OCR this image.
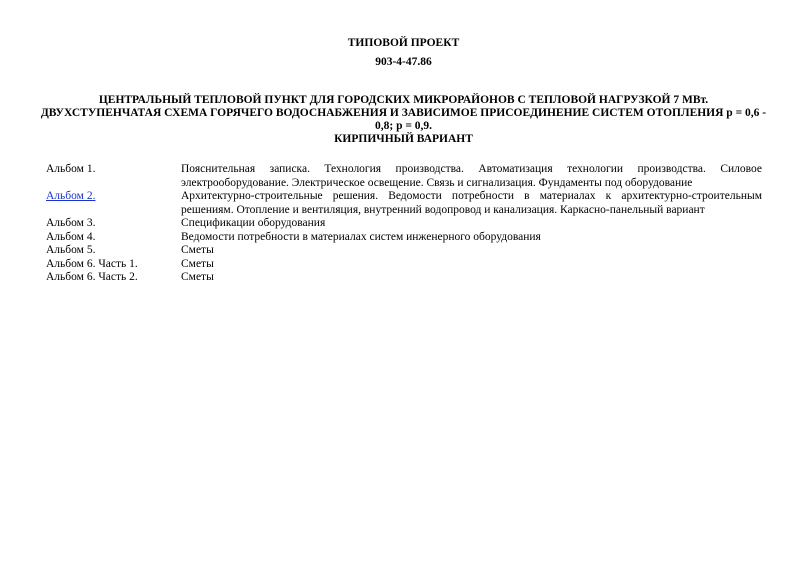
ТИПОВОЙ ПРОЕКТ
903-4-47.86
ЦЕНТРАЛЬНЫЙ ТЕПЛОВОЙ ПУНКТ ДЛЯ ГОРОДСКИХ МИКРОРАЙОНОВ С ТЕПЛОВОЙ НАГРУЗКОЙ 7 МВт.
ДВУХСТУПЕНЧАТАЯ СХЕМА ГОРЯЧЕГО ВОДОСНАБЖЕНИЯ И ЗАВИСИМОЕ ПРИСОЕДИНЕНИЕ СИСТЕМ ОТОПЛЕНИЯ p = 0,6 - 0,8; p = 0,9.
КИРПИЧНЫЙ ВАРИАНТ
Альбом 1.	Пояснительная записка. Технология производства. Автоматизация технологии производства. Силовое электрооборудование. Электрическое освещение. Связь и сигнализация. Фундаменты под оборудование
Альбом 2.	Архитектурно-строительные решения. Ведомости потребности в материалах к архитектурно-строительным решениям. Отопление и вентиляция, внутренний водопровод и канализация. Каркасно-панельный вариант
Альбом 3.	Спецификации оборудования
Альбом 4.	Ведомости потребности в материалах систем инженерного оборудования
Альбом 5.	Сметы
Альбом 6. Часть 1.	Сметы
Альбом 6. Часть 2.	Сметы
